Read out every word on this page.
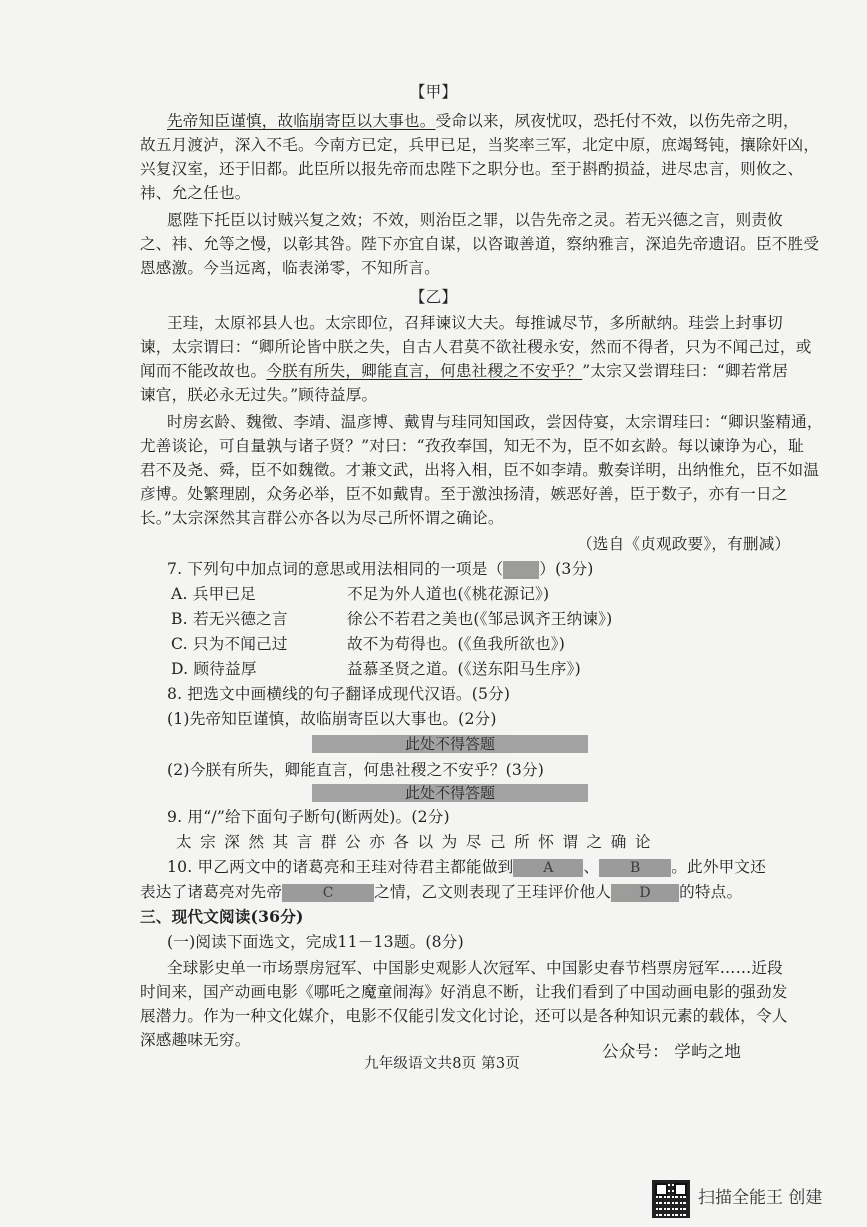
【甲】
先帝知臣谨慎，故临崩寄臣以大事也。受命以来，夙夜忧叹，恐托付不效，以伤先帝之明，
故五月渡泸，深入不毛。今南方已定，兵甲已足，当奖率三军，北定中原，庶竭驽钝，攘除奸凶，
兴复汉室，还于旧都。此臣所以报先帝而忠陛下之职分也。至于斟酌损益，进尽忠言，则攸之、
祎、允之任也。
愿陛下托臣以讨贼兴复之效；不效，则治臣之罪，以告先帝之灵。若无兴德之言，则责攸
之、祎、允等之慢，以彰其咎。陛下亦宜自谋，以咨诹善道，察纳雅言，深追先帝遗诏。臣不胜受
恩感激。今当远离，临表涕零，不知所言。
【乙】
王珪，太原祁县人也。太宗即位，召拜谏议大夫。每推诚尽节，多所献纳。珪尝上封事切
谏，太宗谓曰：“卿所论皆中朕之失，自古人君莫不欲社稷永安，然而不得者，只为不闻己过，或
闻而不能改故也。今朕有所失，卿能直言，何患社稷之不安乎？”太宗又尝谓珪曰：“卿若常居
谏官，朕必永无过失。”顾待益厚。
时房玄龄、魏徵、李靖、温彦博、戴胄与珪同知国政，尝因侍宴，太宗谓珪曰：“卿识鉴精通，
尤善谈论，可自量孰与诸子贤？”对曰：“孜孜奉国，知无不为，臣不如玄龄。每以谏诤为心，耻
君不及尧、舜，臣不如魏徵。才兼文武，出将入相，臣不如李靖。敷奏详明，出纳惟允，臣不如温
彦博。处繁理剧，众务必举，臣不如戴胄。至于激浊扬清，嫉恶好善，臣于数子，亦有一日之
长。”太宗深然其言群公亦各以为尽己所怀谓之确论。
（选自《贞观政要》，有删减）
7. 下列句中加点词的意思或用法相同的一项是（ ）(3分)
A. 兵甲已足	不足为外人道也(《桃花源记》)
B. 若无兴德之言	徐公不若君之美也(《邹忌讽齐王纳谏》)
C. 只为不闻己过	故不为苟得也。(《鱼我所欲也》)
D. 顾待益厚	益慕圣贤之道。(《送东阳马生序》)
8. 把选文中画横线的句子翻译成现代汉语。(5分)
(1)先帝知臣谨慎，故临崩寄臣以大事也。(2分)
此处不得答题
(2)今朕有所失，卿能直言，何患社稷之不安乎？(3分)
此处不得答题
9. 用“/”给下面句子断句(断两处)。(2分)
太 宗 深 然 其 言 群 公 亦 各 以 为 尽 己 所 怀 谓 之 确 论
10. 甲乙两文中的诸葛亮和王珪对待君主都能做到 A 、 B 。此外甲文还
表达了诸葛亮对先帝	C	之情，乙文则表现了王珪评价他人 D 的特点。
三、现代文阅读(36分)
(一)阅读下面选文，完成11－13题。(8分)
全球影史单一市场票房冠军、中国影史观影人次冠军、中国影史春节档票房冠军……近段
时间来，国产动画电影《哪吒之魔童闹海》好消息不断，让我们看到了中国动画电影的强劲发
展潜力。作为一种文化媒介，电影不仅能引发文化讨论，还可以是各种知识元素的载体，令人
深感趣味无穷。
公众号： 学屿之地
九年级语文共8页 第3页
扫描全能王 创建
